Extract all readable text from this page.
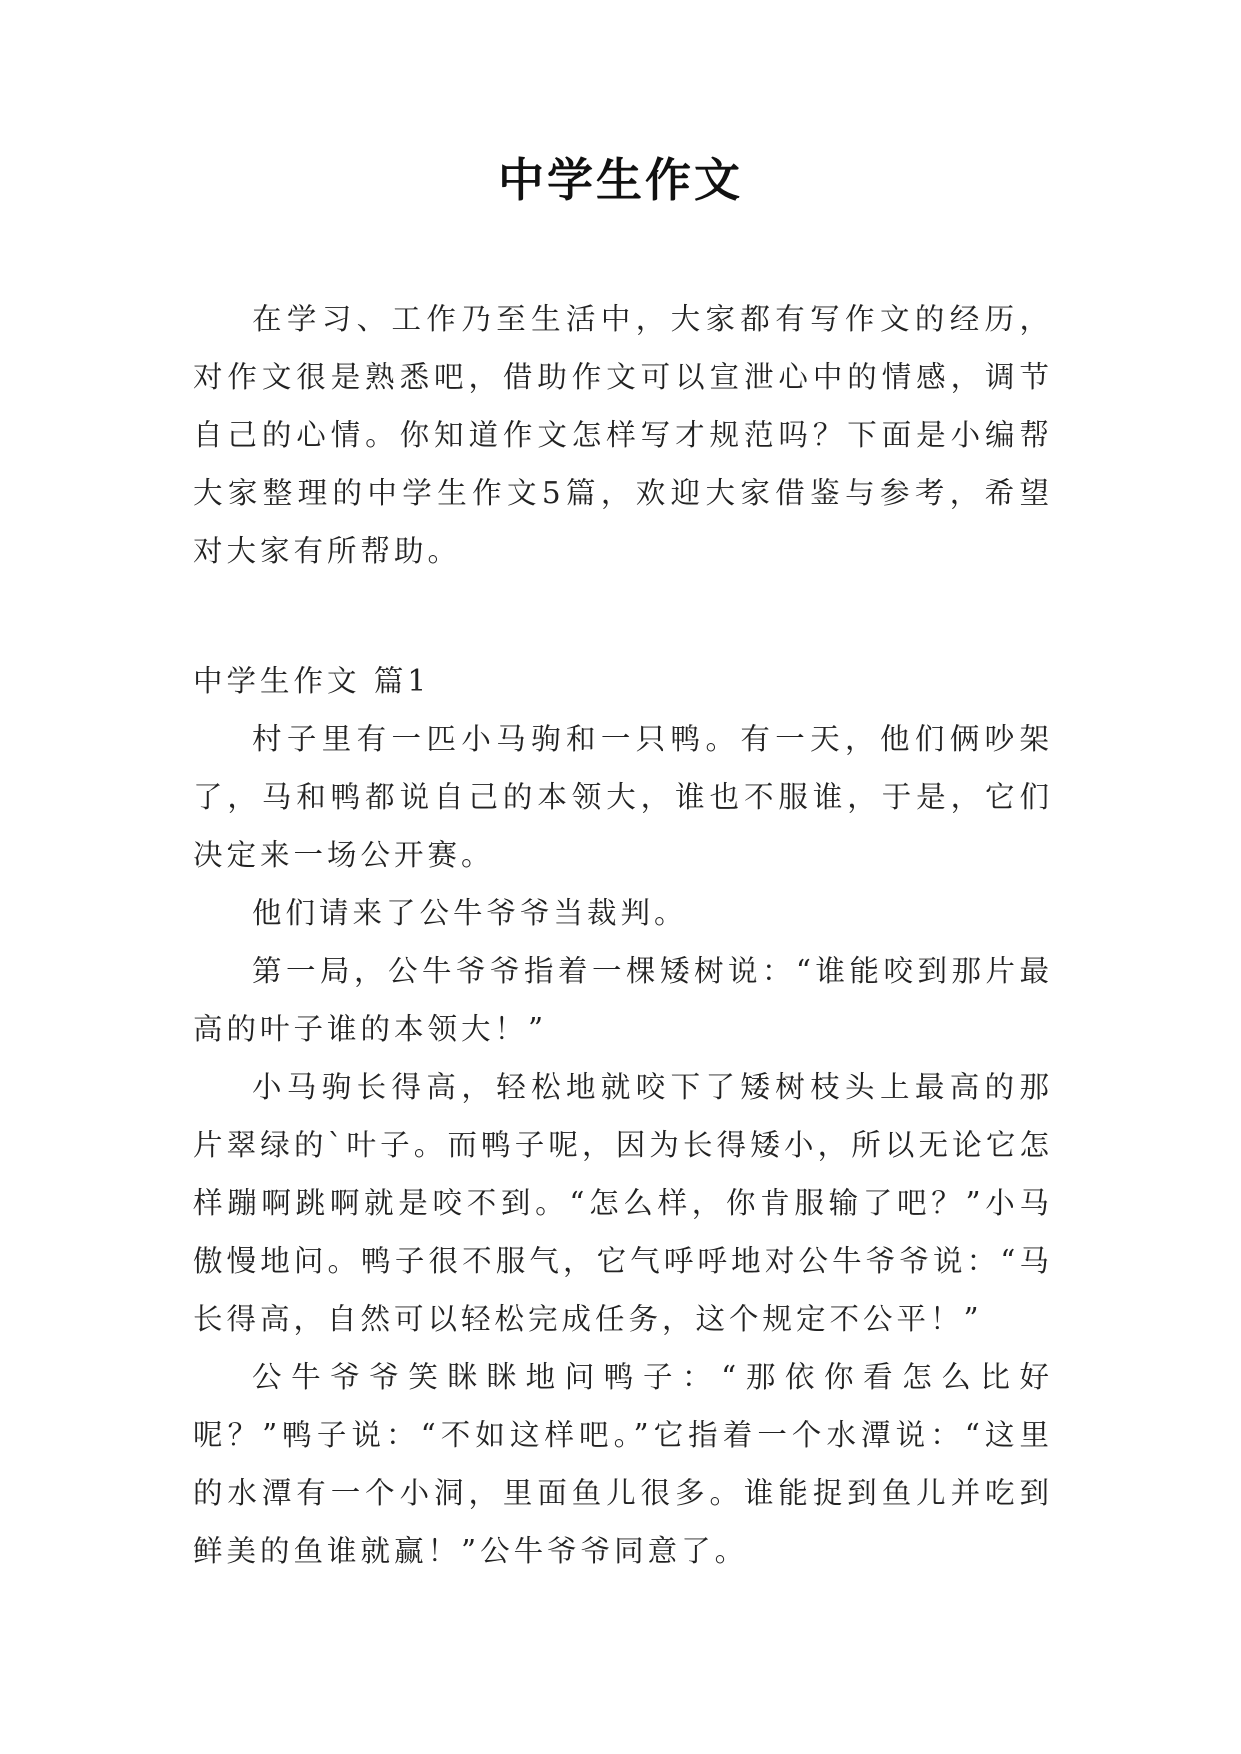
中学生作文

在学习、工作乃至生活中，大家都有写作文的经历，对作文很是熟悉吧，借助作文可以宣泄心中的情感，调节自己的心情。你知道作文怎样写才规范吗？下面是小编帮大家整理的中学生作文5篇，欢迎大家借鉴与参考，希望对大家有所帮助。

中学生作文 篇1

村子里有一匹小马驹和一只鸭。有一天，他们俩吵架了，马和鸭都说自己的本领大，谁也不服谁，于是，它们决定来一场公开赛。

他们请来了公牛爷爷当裁判。

第一局，公牛爷爷指着一棵矮树说：“谁能咬到那片最高的叶子谁的本领大！”

小马驹长得高，轻松地就咬下了矮树枝头上最高的那片翠绿的`叶子。而鸭子呢，因为长得矮小，所以无论它怎样蹦啊跳啊就是咬不到。“怎么样，你肯服输了吧？”小马傲慢地问。鸭子很不服气，它气呼呼地对公牛爷爷说：“马长得高，自然可以轻松完成任务，这个规定不公平！”

公牛爷爷笑眯眯地问鸭子：“那依你看怎么比好呢？”鸭子说：“不如这样吧。”它指着一个水潭说：“这里的水潭有一个小洞，里面鱼儿很多。谁能捉到鱼儿并吃到鲜美的鱼谁就赢！”公牛爷爷同意了。
